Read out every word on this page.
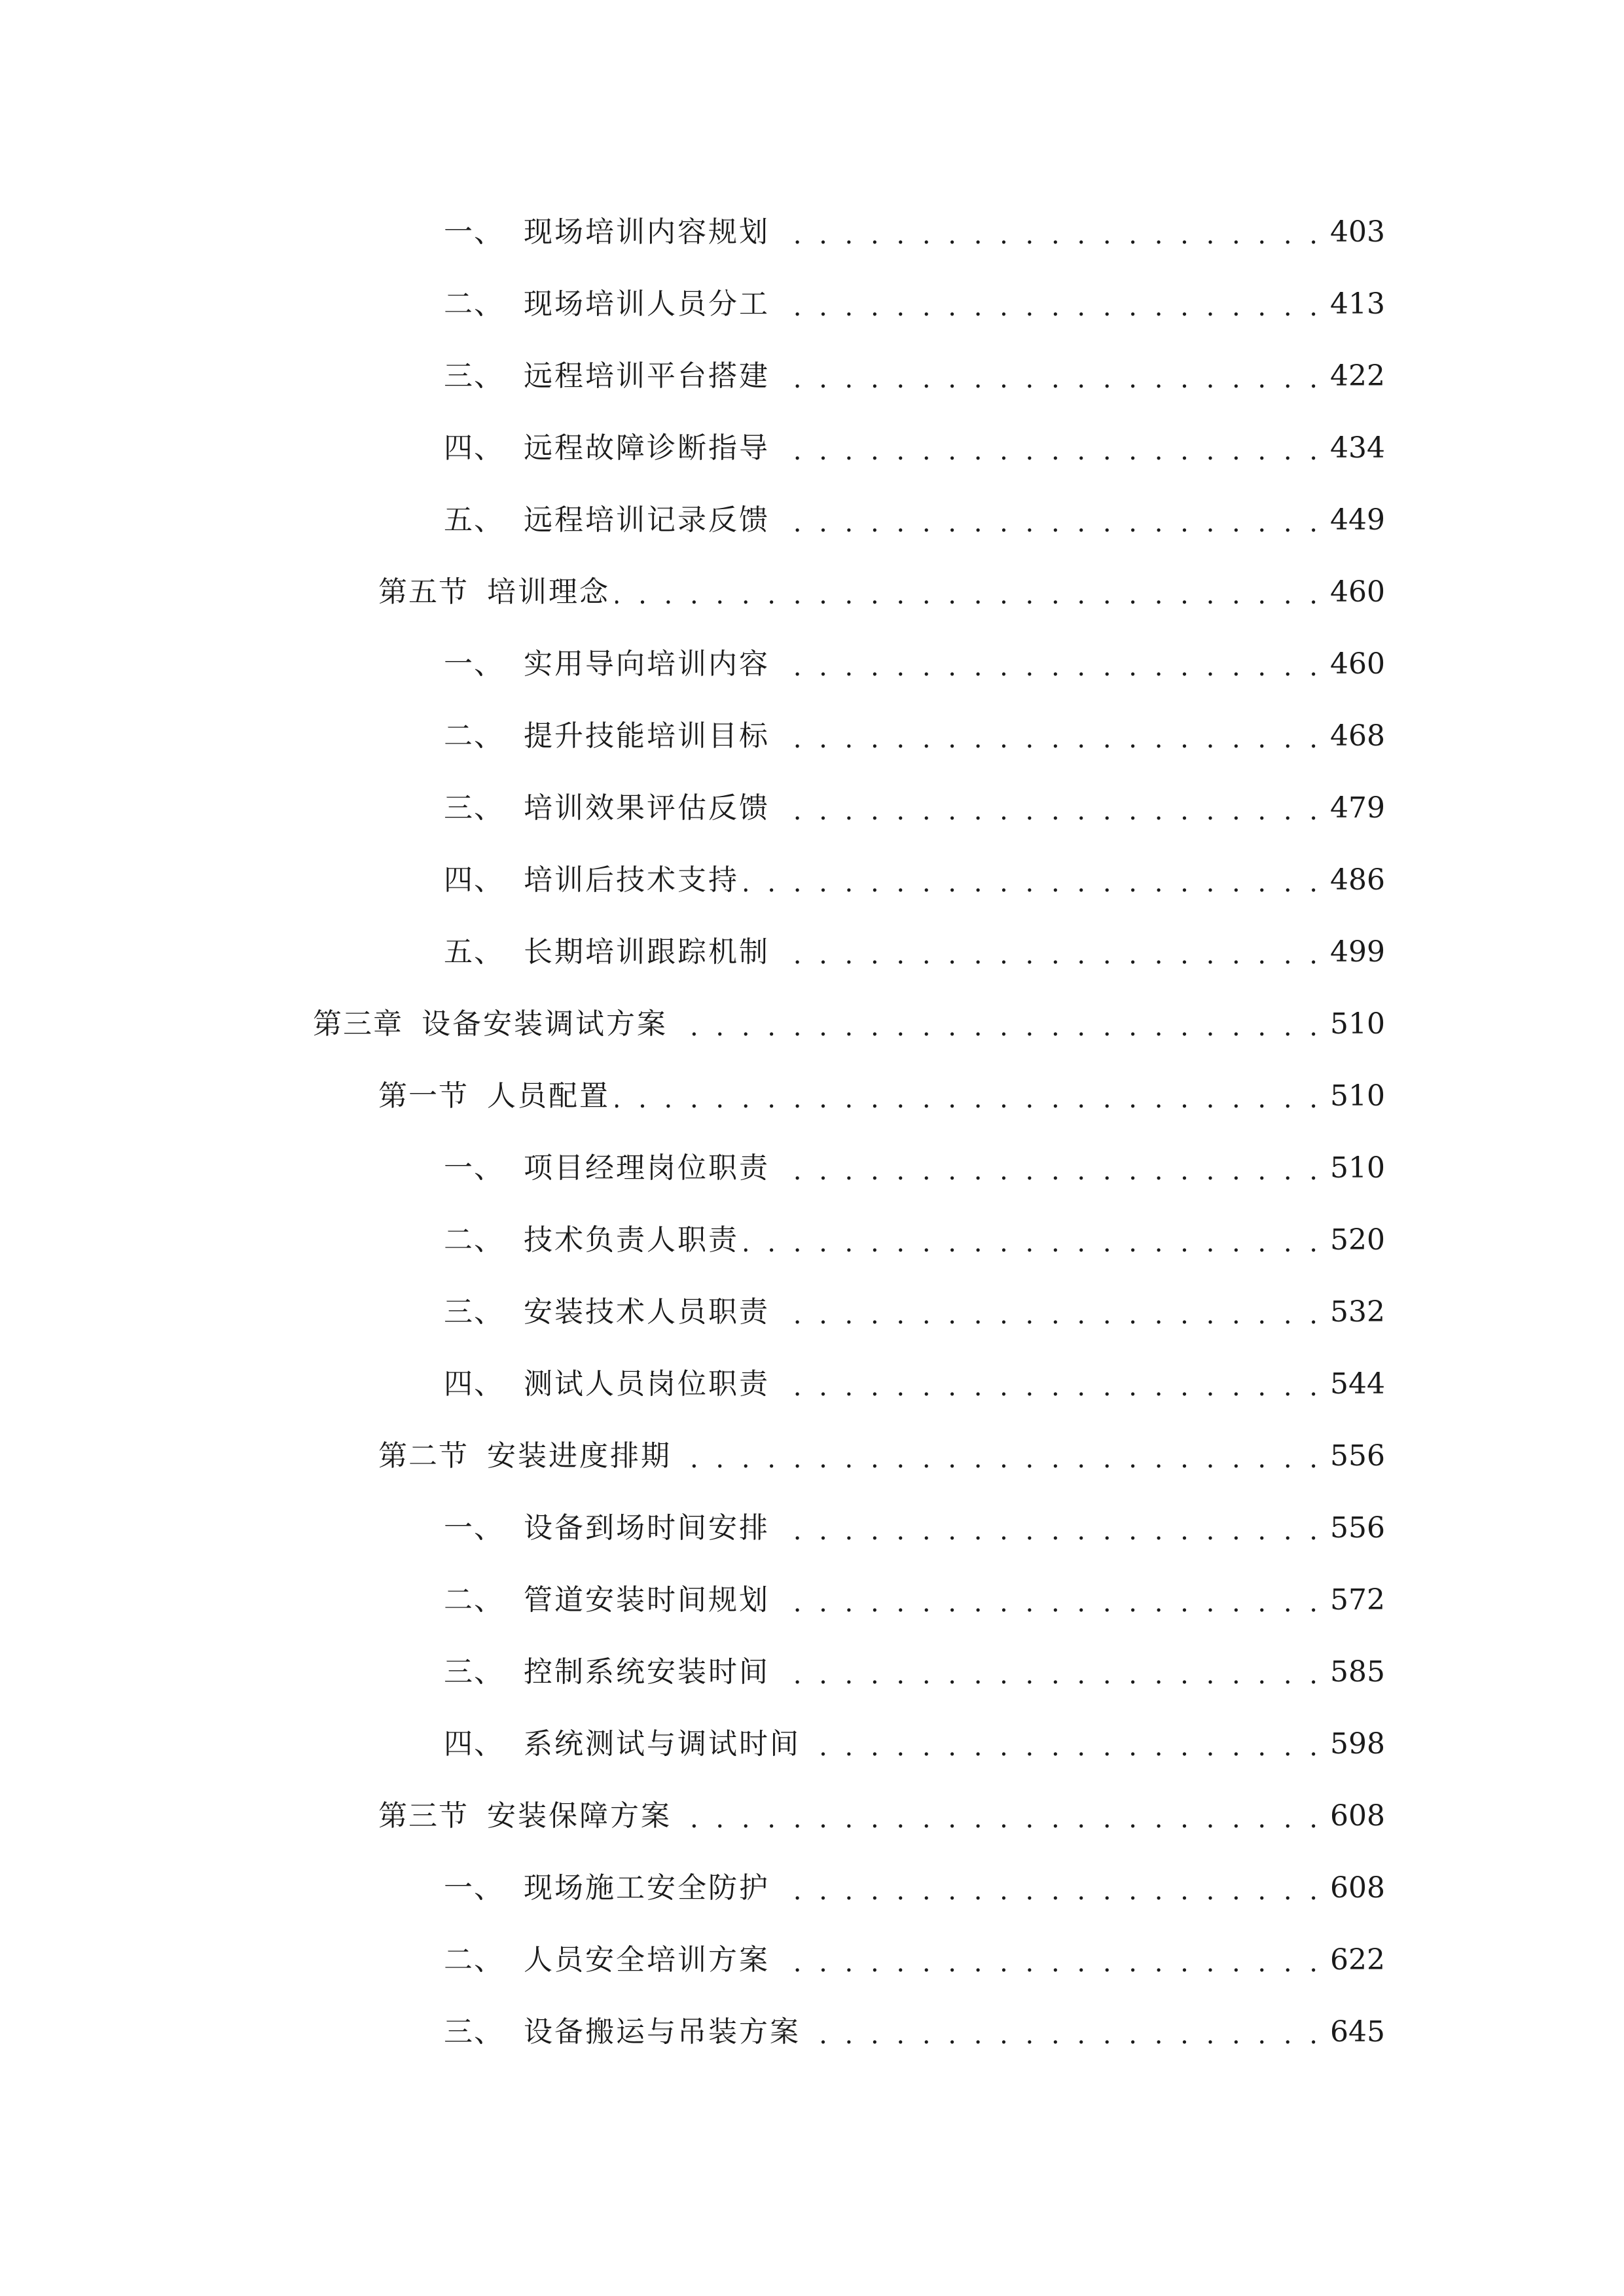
一、 现场培训内容规划 . . .	403
二、 现场培训人员分工 . . .	413
三、 远程培训平台搭建 . . .	422
四、 远程故障诊断指导 . . .	434
五、 远程培训记录反馈 . . .	449
第五节 培训理念 . . .	460
一、 实用导向培训内容 . . .	460
二、 提升技能培训目标 . . .	468
三、 培训效果评估反馈 . . .	479
四、 培训后技术支持 . . .	486
五、 长期培训跟踪机制 . . .	499
第三章 设备安装调试方案 . . .	510
第一节 人员配置 . . .	510
一、 项目经理岗位职责 . . .	510
二、 技术负责人职责 . . .	520
三、 安装技术人员职责 . . .	532
四、 测试人员岗位职责 . . .	544
第二节 安装进度排期 . . .	556
一、 设备到场时间安排 . . .	556
二、 管道安装时间规划 . . .	572
三、 控制系统安装时间 . . .	585
四、 系统测试与调试时间 . . .	598
第三节 安装保障方案 . . .	608
一、 现场施工安全防护 . . .	608
二、 人员安全培训方案 . . .	622
三、 设备搬运与吊装方案 . . .	645
